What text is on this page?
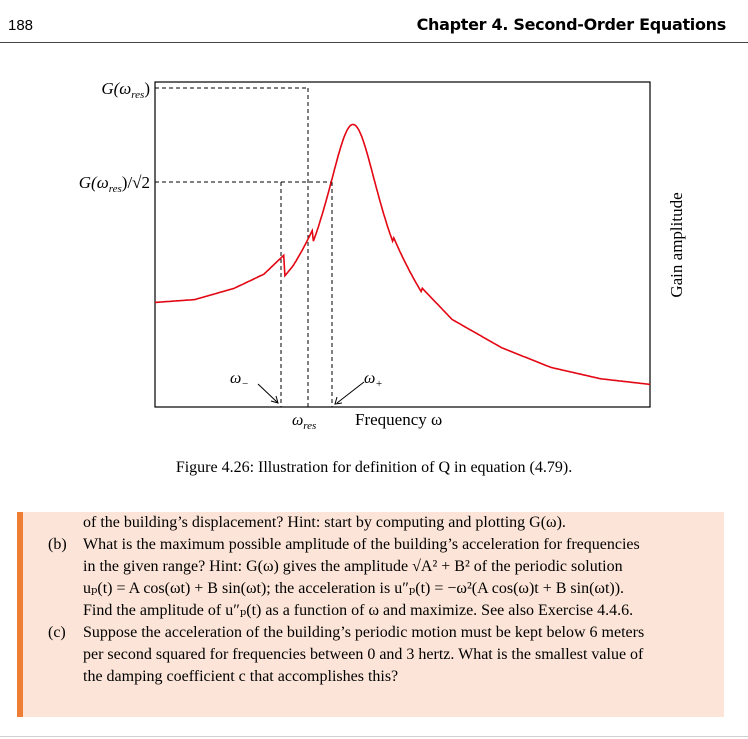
188	Chapter 4. Second-Order Equations
$G(\omega_{res})$
$G(\omega_{res})/√2$
$\omega_-$	$\omega_+$
$\omega_{res}$ Frequency ω
Gain amplitude
Figure 4.26: Illustration for definition of Q in equation (4.79).
of the building’s displacement? Hint: start by computing and plotting G(ω).
(b) What is the maximum possible amplitude of the building’s acceleration for frequencies
in the given range? Hint: G(ω) gives the amplitude √A² + B² of the periodic solution
uₚ(t) = A cos(ωt) + B sin(ωt); the acceleration is u″ₚ(t) = −ω²(A cos(ω)t + B sin(ωt)).
Find the amplitude of u″ₚ(t) as a function of ω and maximize. See also Exercise 4.4.6.
(c) Suppose the acceleration of the building’s periodic motion must be kept below 6 meters
per second squared for frequencies between 0 and 3 hertz. What is the smallest value of
the damping coefficient c that accomplishes this?
